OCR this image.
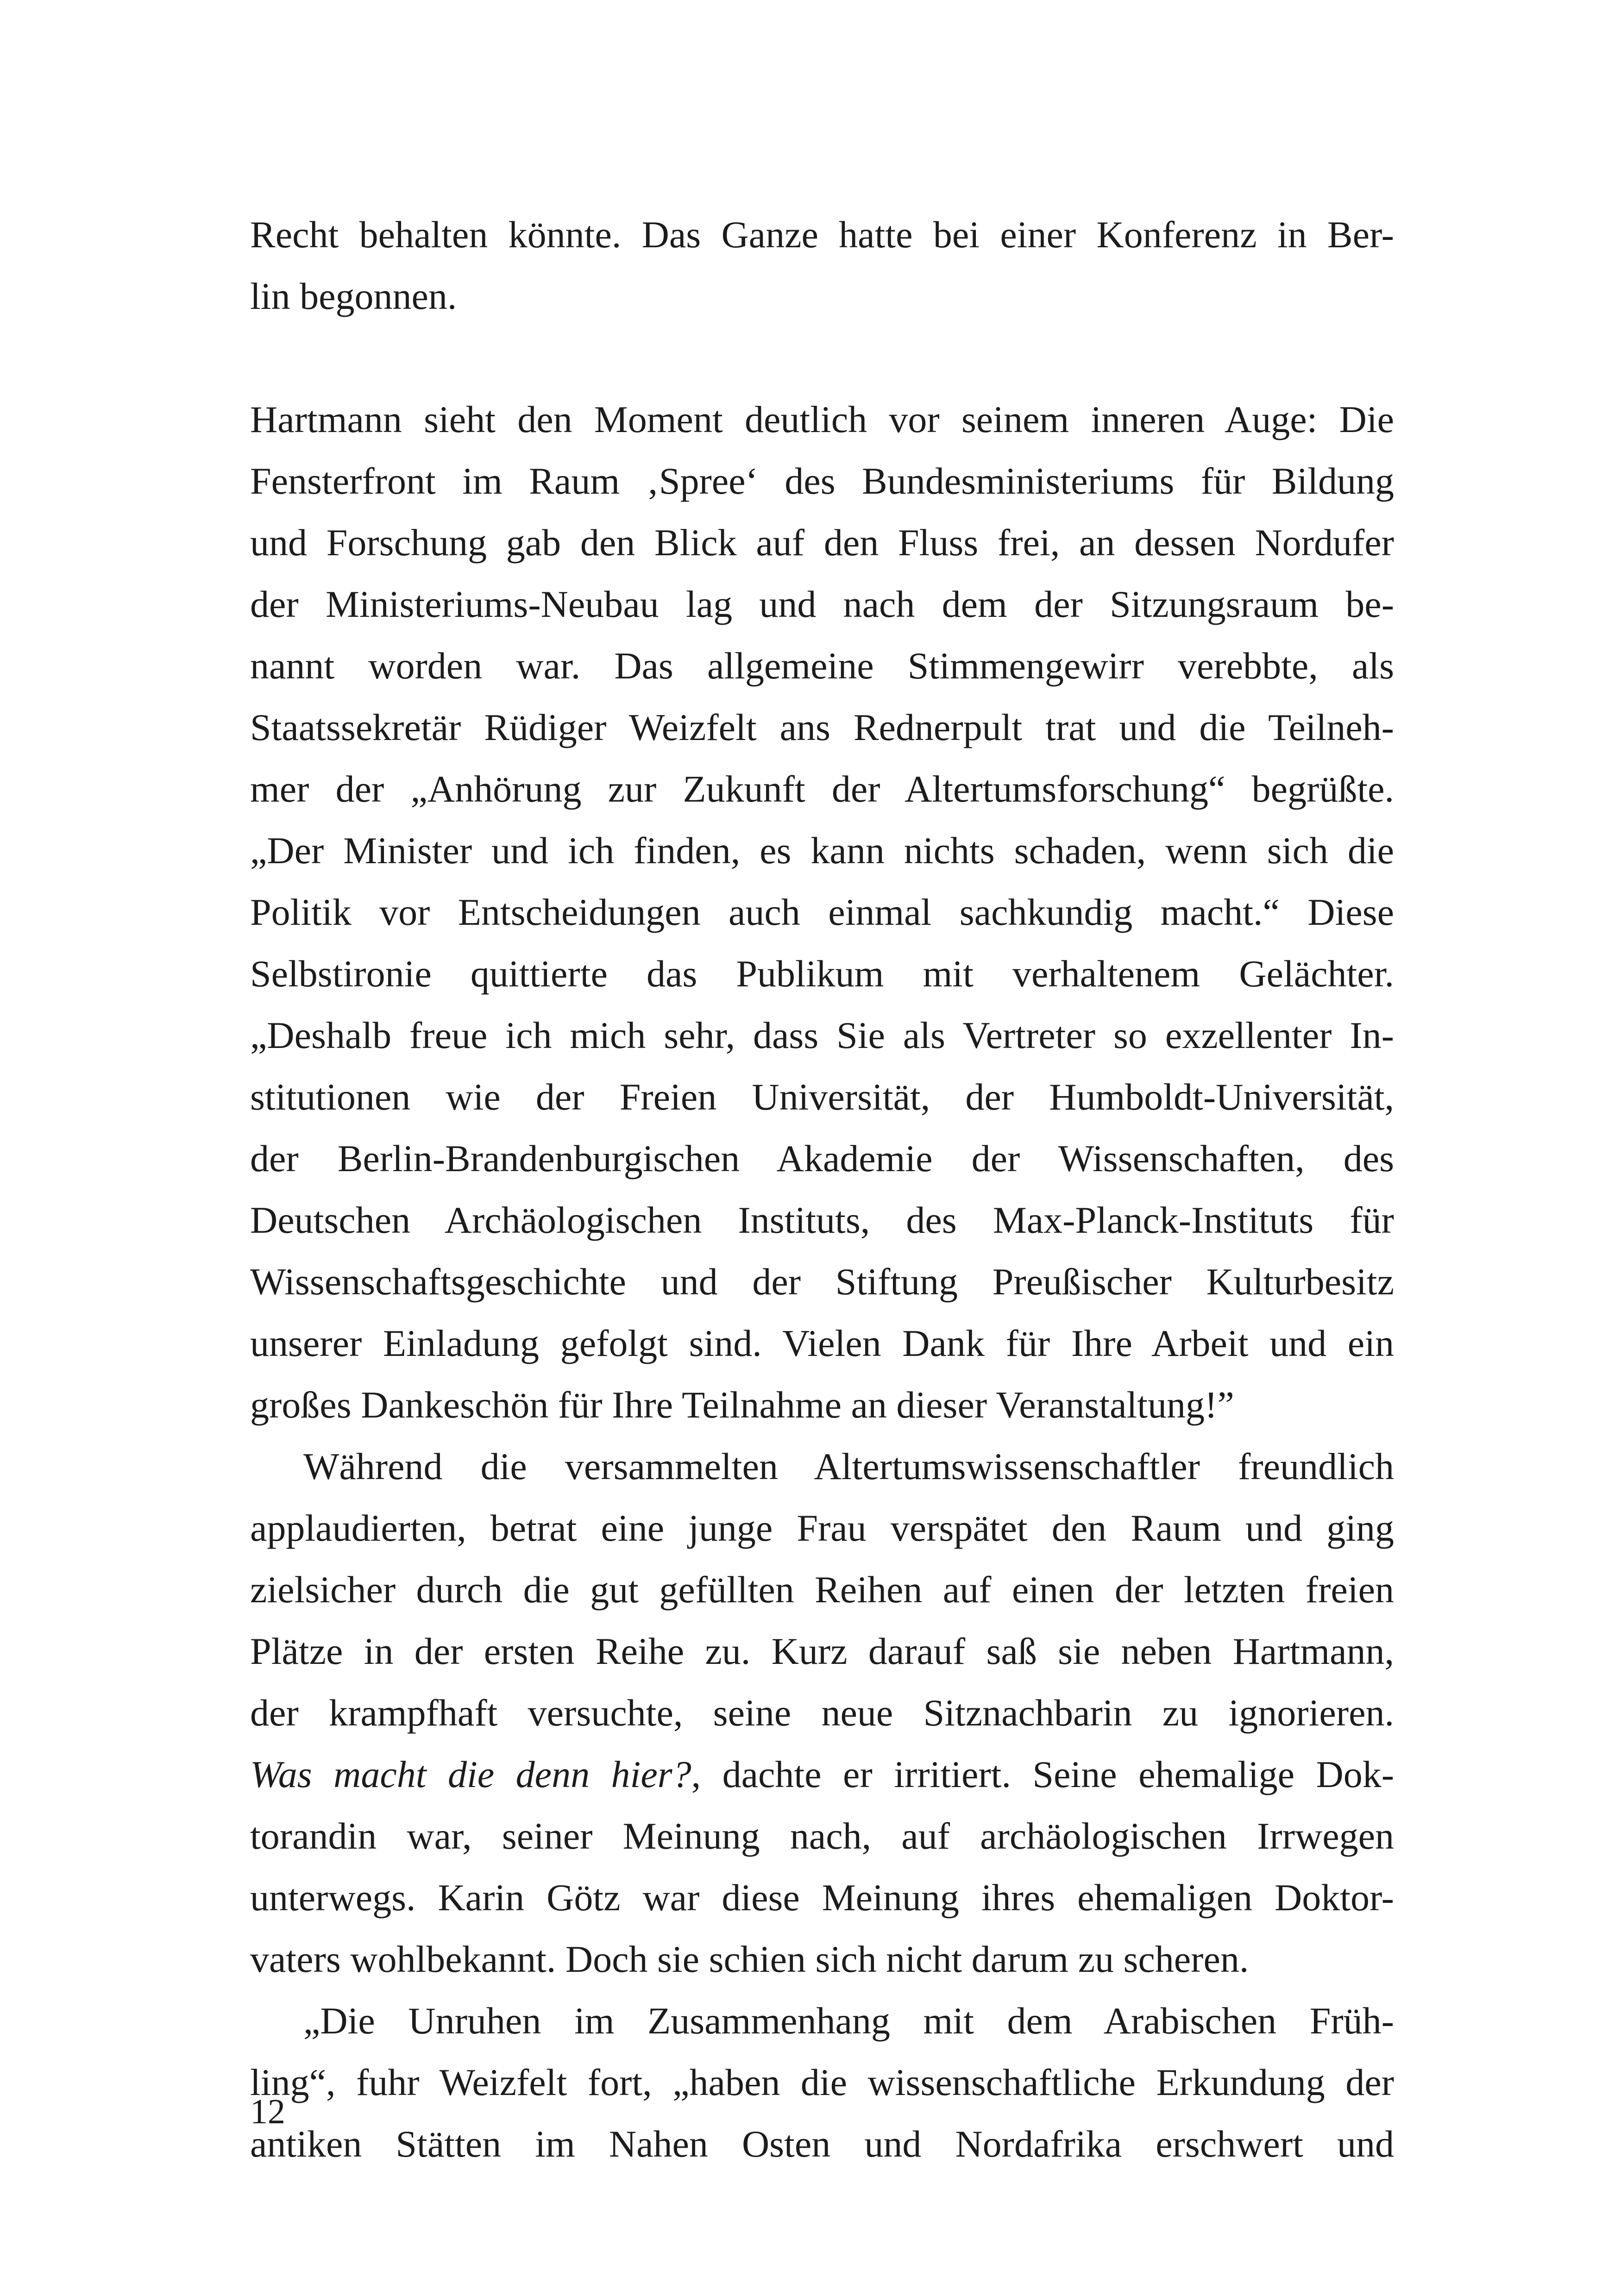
Recht behalten könnte. Das Ganze hatte bei einer Konferenz in Ber-
lin begonnen.
Hartmann sieht den Moment deutlich vor seinem inneren Auge: Die
Fensterfront im Raum ‚Spree‘ des Bundesministeriums für Bildung
und Forschung gab den Blick auf den Fluss frei, an dessen Nordufer
der Ministeriums-Neubau lag und nach dem der Sitzungsraum be-
nannt worden war. Das allgemeine Stimmengewirr verebbte, als
Staatssekretär Rüdiger Weizfelt ans Rednerpult trat und die Teilneh-
mer der „Anhörung zur Zukunft der Altertumsforschung“ begrüßte.
„Der Minister und ich finden, es kann nichts schaden, wenn sich die
Politik vor Entscheidungen auch einmal sachkundig macht.“ Diese
Selbstironie quittierte das Publikum mit verhaltenem Gelächter.
„Deshalb freue ich mich sehr, dass Sie als Vertreter so exzellenter In-
stitutionen wie der Freien Universität, der Humboldt-Universität,
der Berlin-Brandenburgischen Akademie der Wissenschaften, des
Deutschen Archäologischen Instituts, des Max-Planck-Instituts für
Wissenschaftsgeschichte und der Stiftung Preußischer Kulturbesitz
unserer Einladung gefolgt sind. Vielen Dank für Ihre Arbeit und ein
großes Dankeschön für Ihre Teilnahme an dieser Veranstaltung!”
Während die versammelten Altertumswissenschaftler freundlich
applaudierten, betrat eine junge Frau verspätet den Raum und ging
zielsicher durch die gut gefüllten Reihen auf einen der letzten freien
Plätze in der ersten Reihe zu. Kurz darauf saß sie neben Hartmann,
der krampfhaft versuchte, seine neue Sitznachbarin zu ignorieren.
Was macht die denn hier?, dachte er irritiert. Seine ehemalige Dok-
torandin war, seiner Meinung nach, auf archäologischen Irrwegen
unterwegs. Karin Götz war diese Meinung ihres ehemaligen Doktor-
vaters wohlbekannt. Doch sie schien sich nicht darum zu scheren.
„Die Unruhen im Zusammenhang mit dem Arabischen Früh-
ling“, fuhr Weizfelt fort, „haben die wissenschaftliche Erkundung der
antiken Stätten im Nahen Osten und Nordafrika erschwert und
12
